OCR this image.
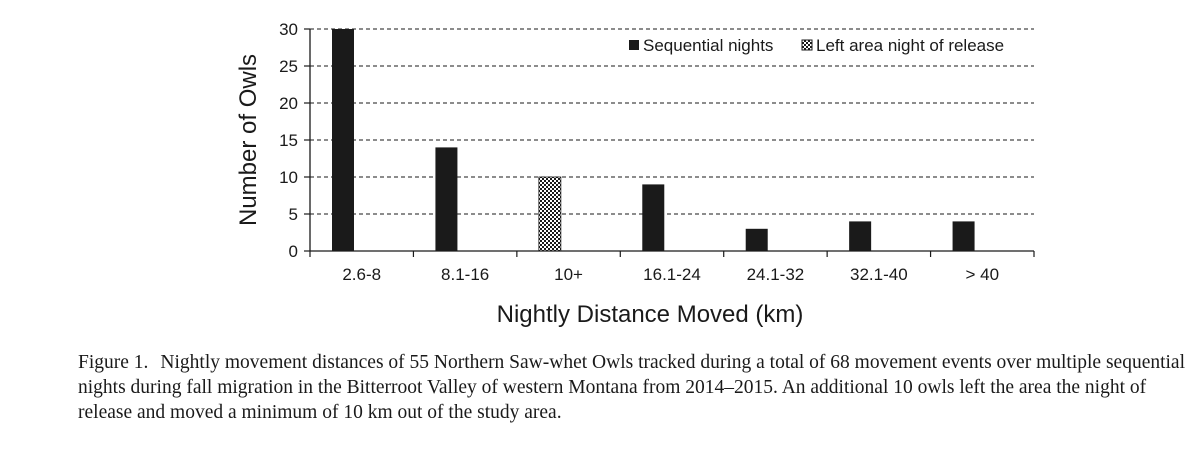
0
5
10
15
20
25
30
2.6-8	8.1-16	10+	16.1-24	24.1-32	32.1-40	> 40
Nightly Distance Moved (km)
Number of Owls
Sequential nights	Left area night of release

Figure 1. Nightly movement distances of 55 Northern Saw-whet Owls tracked during a total of 68 movement events over multiple sequential nights during fall migration in the Bitterroot Valley of western Montana from 2014–2015. An additional 10 owls left the area the night of release and moved a minimum of 10 km out of the study area.
